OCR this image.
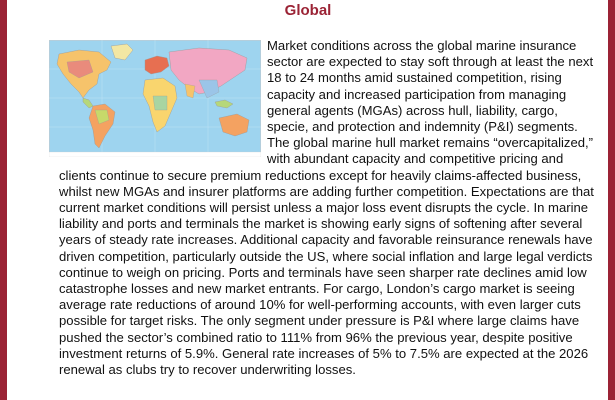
Global
Market conditions across the global marine insurance sector are expected to stay soft through at least the next 18 to 24 months amid sustained competition, rising capacity and increased participation from managing general agents (MGAs) across hull, liability, cargo, specie, and protection and indemnity (P&I) segments. The global marine hull market remains “overcapitalized,” with abundant capacity and competitive pricing and clients continue to secure premium reductions except for heavily claims-affected business, whilst new MGAs and insurer platforms are adding further competition. Expectations are that current market conditions will persist unless a major loss event disrupts the cycle. In marine liability and ports and terminals the market is showing early signs of softening after several years of steady rate increases. Additional capacity and favorable reinsurance renewals have driven competition, particularly outside the US, where social inflation and large legal verdicts continue to weigh on pricing. Ports and terminals have seen sharper rate declines amid low catastrophe losses and new market entrants. For cargo, London’s cargo market is seeing average rate reductions of around 10% for well-performing accounts, with even larger cuts possible for target risks. The only segment under pressure is P&I where large claims have pushed the sector’s combined ratio to 111% from 96% the previous year, despite positive investment returns of 5.9%. General rate increases of 5% to 7.5% are expected at the 2026 renewal as clubs try to recover underwriting losses.
